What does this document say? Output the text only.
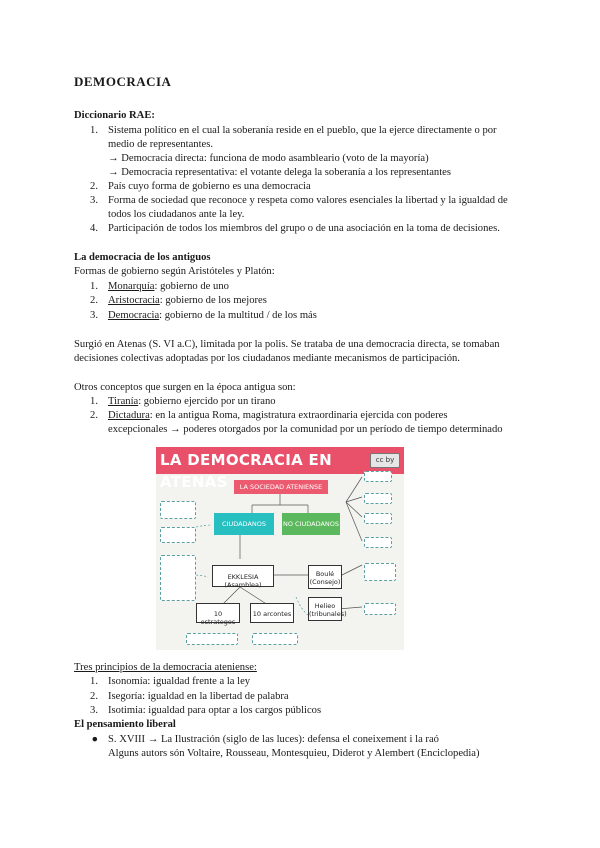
DEMOCRACIA
Diccionario RAE:
1. Sistema político en el cual la soberanía reside en el pueblo, que la ejerce directamente o por
medio de representantes.
→ Democracia directa: funciona de modo asambleario (voto de la mayoría)
→ Democracia representativa: el votante delega la soberanía a los representantes
2. País cuyo forma de gobierno es una democracia
3. Forma de sociedad que reconoce y respeta como valores esenciales la libertad y la igualdad de
todos los ciudadanos ante la ley.
4. Participación de todos los miembros del grupo o de una asociación en la toma de decisiones.
La democracia de los antiguos
Formas de gobierno según Aristóteles y Platón:
1. Monarquía: gobierno de uno
2. Aristocracia: gobierno de los mejores
3. Democracia: gobierno de la multitud / de los más
Surgió en Atenas (S. VI a.C), limitada por la polis. Se trataba de una democracia directa, se tomaban
decisiones colectivas adoptadas por los ciudadanos mediante mecanismos de participación.
Otros conceptos que surgen en la época antigua son:
1. Tiranía: gobierno ejercido por un tirano
2. Dictadura: en la antigua Roma, magistratura extraordinaria ejercida con poderes
excepcionales → poderes otorgados por la comunidad por un período de tiempo determinado
LA DEMOCRACIA EN ATENAS
cc by
LA SOCIEDAD ATENIENSE
CIUDADANOS	NO CIUDADANOS
EKKLESIA (Asamblea)
10 estrategos
10 arcontes
Boulé (Consejo)
Helieo (tribunales)
Tres principios de la democracia ateniense:
1. Isonomía: igualdad frente a la ley
2. Isegoría: igualdad en la libertad de palabra
3. Isotimia: igualdad para optar a los cargos públicos
El pensamiento liberal
● S. XVIII → La Ilustración (siglo de las luces): defensa el coneixement i la raó
Alguns autors són Voltaire, Rousseau, Montesquieu, Diderot y Alembert (Enciclopedia)
